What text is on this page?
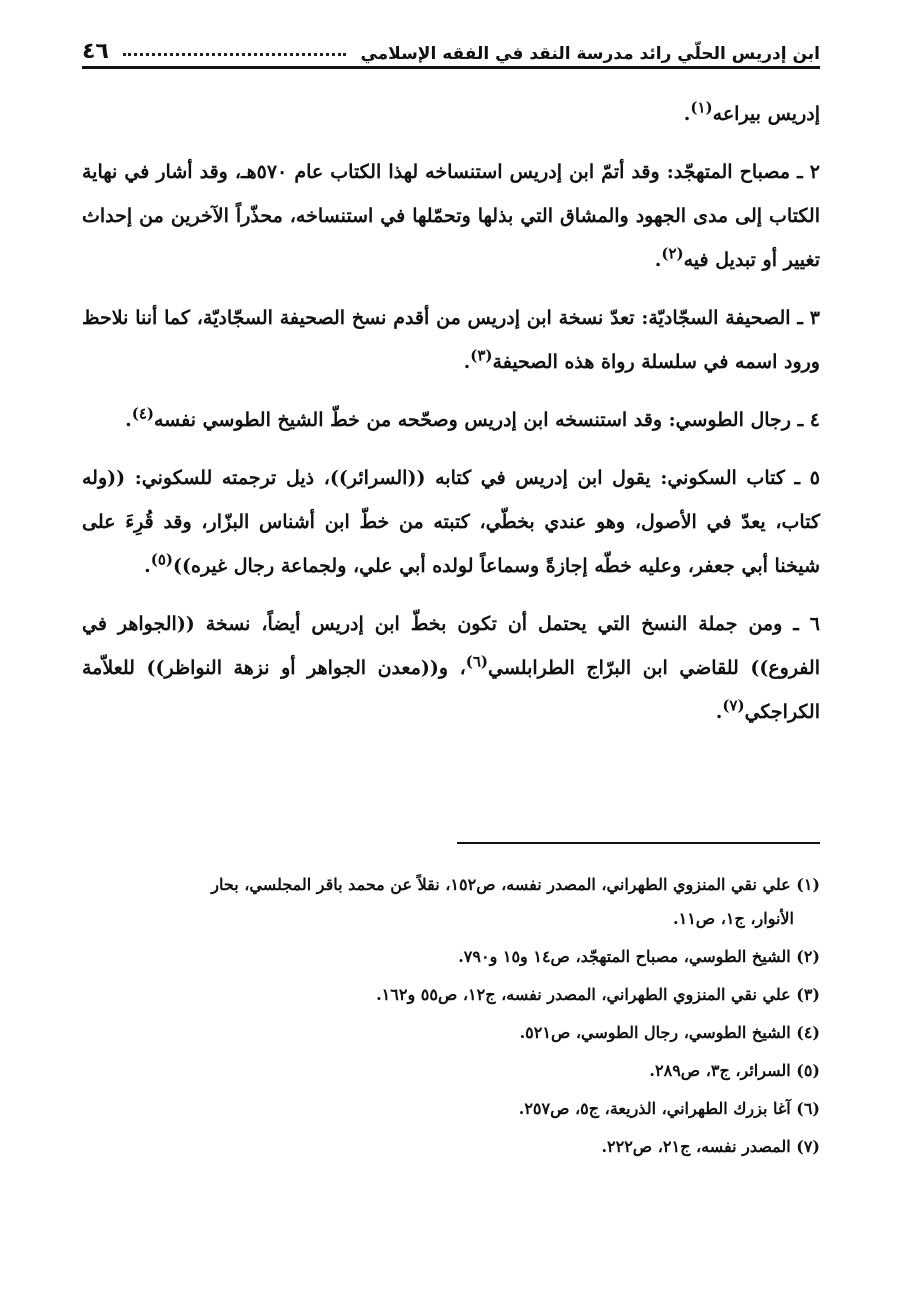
ابن إدريس الحلّي رائد مدرسة النقد في الفقه الإسلامي
٤٦

إدريس بيراعه$^{(١)}$.

٢ ـ مصباح المتهجّد: وقد أتمّ ابن إدريس استنساخه لهذا الكتاب عام ٥٧٠هـ، وقد أشار في نهاية الكتاب إلى مدى الجهود والمشاق التي بذلها وتحمّلها في استنساخه، محذّراً الآخرين من إحداث تغيير أو تبديل فيه$^{(٢)}$.

٣ ـ الصحيفة السجّاديّة: تعدّ نسخة ابن إدريس من أقدم نسخ الصحيفة السجّاديّة، كما أننا نلاحظ ورود اسمه في سلسلة رواة هذه الصحيفة$^{(٣)}$.

٤ ـ رجال الطوسي: وقد استنسخه ابن إدريس وصحّحه من خطّ الشيخ الطوسي نفسه$^{(٤)}$.

٥ ـ كتاب السكوني: يقول ابن إدريس في كتابه ((السرائر))، ذيل ترجمته للسكوني: ((وله كتاب، يعدّ في الأصول، وهو عندي بخطّي، كتبته من خطّ ابن أشناس البزّار، وقد قُرِءَ على شيخنا أبي جعفر، وعليه خطّه إجازةً وسماعاً لولده أبي علي، ولجماعة رجال غيره))$^{(٥)}$.

٦ ـ ومن جملة النسخ التي يحتمل أن تكون بخطّ ابن إدريس أيضاً، نسخة ((الجواهر في الفروع)) للقاضي ابن البرّاج الطرابلسي$^{(٦)}$، و((معدن الجواهر أو نزهة النواظر)) للعلاّمة الكراجكي$^{(٧)}$.

(١) علي نقي المنزوي الطهراني، المصدر نفسه، ص١٥٢، نقلاً عن محمد باقر المجلسي، بحار
الأنوار، ج١، ص١١.
(٢) الشيخ الطوسي، مصباح المتهجّد، ص١٤ و١٥ و٧٩٠.
(٣) علي نقي المنزوي الطهراني، المصدر نفسه، ج١٢، ص٥٥ و١٦٢.
(٤) الشيخ الطوسي، رجال الطوسي، ص٥٢١.
(٥) السرائر، ج٣، ص٢٨٩.
(٦) آغا بزرك الطهراني، الذريعة، ج٥، ص٢٥٧.
(٧) المصدر نفسه، ج٢١، ص٢٢٢.
